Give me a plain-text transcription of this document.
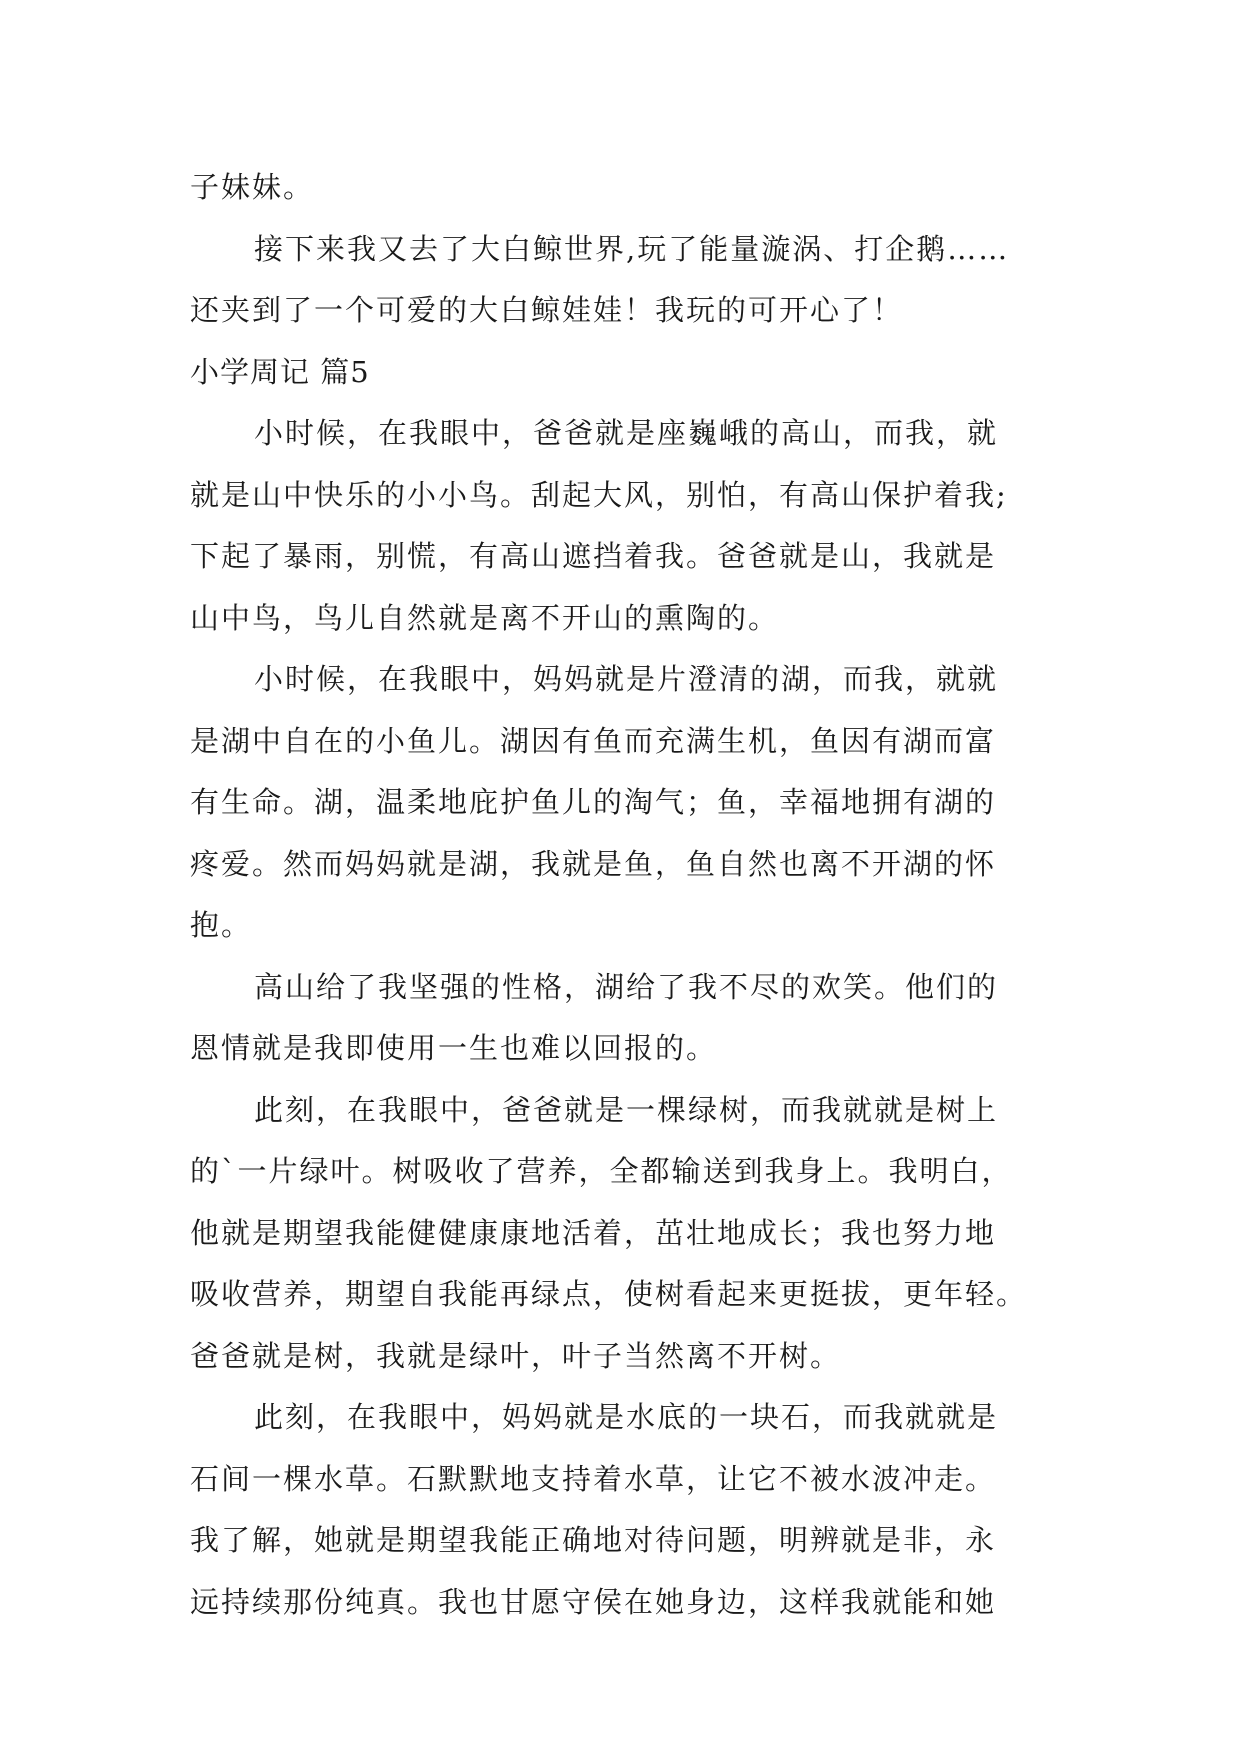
子妹妹。
接下来我又去了大白鲸世界,玩了能量漩涡、打企鹅……
还夹到了一个可爱的大白鲸娃娃！我玩的可开心了！
小学周记 篇5
小时候，在我眼中，爸爸就是座巍峨的高山，而我，就
就是山中快乐的小小鸟。刮起大风，别怕，有高山保护着我;
下起了暴雨，别慌，有高山遮挡着我。爸爸就是山，我就是
山中鸟，鸟儿自然就是离不开山的熏陶的。
小时候，在我眼中，妈妈就是片澄清的湖，而我，就就
是湖中自在的小鱼儿。湖因有鱼而充满生机，鱼因有湖而富
有生命。湖，温柔地庇护鱼儿的淘气；鱼，幸福地拥有湖的
疼爱。然而妈妈就是湖，我就是鱼，鱼自然也离不开湖的怀
抱。
高山给了我坚强的性格，湖给了我不尽的欢笑。他们的
恩情就是我即使用一生也难以回报的。
此刻，在我眼中，爸爸就是一棵绿树，而我就就是树上
的`一片绿叶。树吸收了营养，全都输送到我身上。我明白，
他就是期望我能健健康康地活着，茁壮地成长；我也努力地
吸收营养，期望自我能再绿点，使树看起来更挺拔，更年轻。
爸爸就是树，我就是绿叶，叶子当然离不开树。
此刻，在我眼中，妈妈就是水底的一块石，而我就就是
石间一棵水草。石默默地支持着水草，让它不被水波冲走。
我了解，她就是期望我能正确地对待问题，明辨就是非，永
远持续那份纯真。我也甘愿守侯在她身边，这样我就能和她
